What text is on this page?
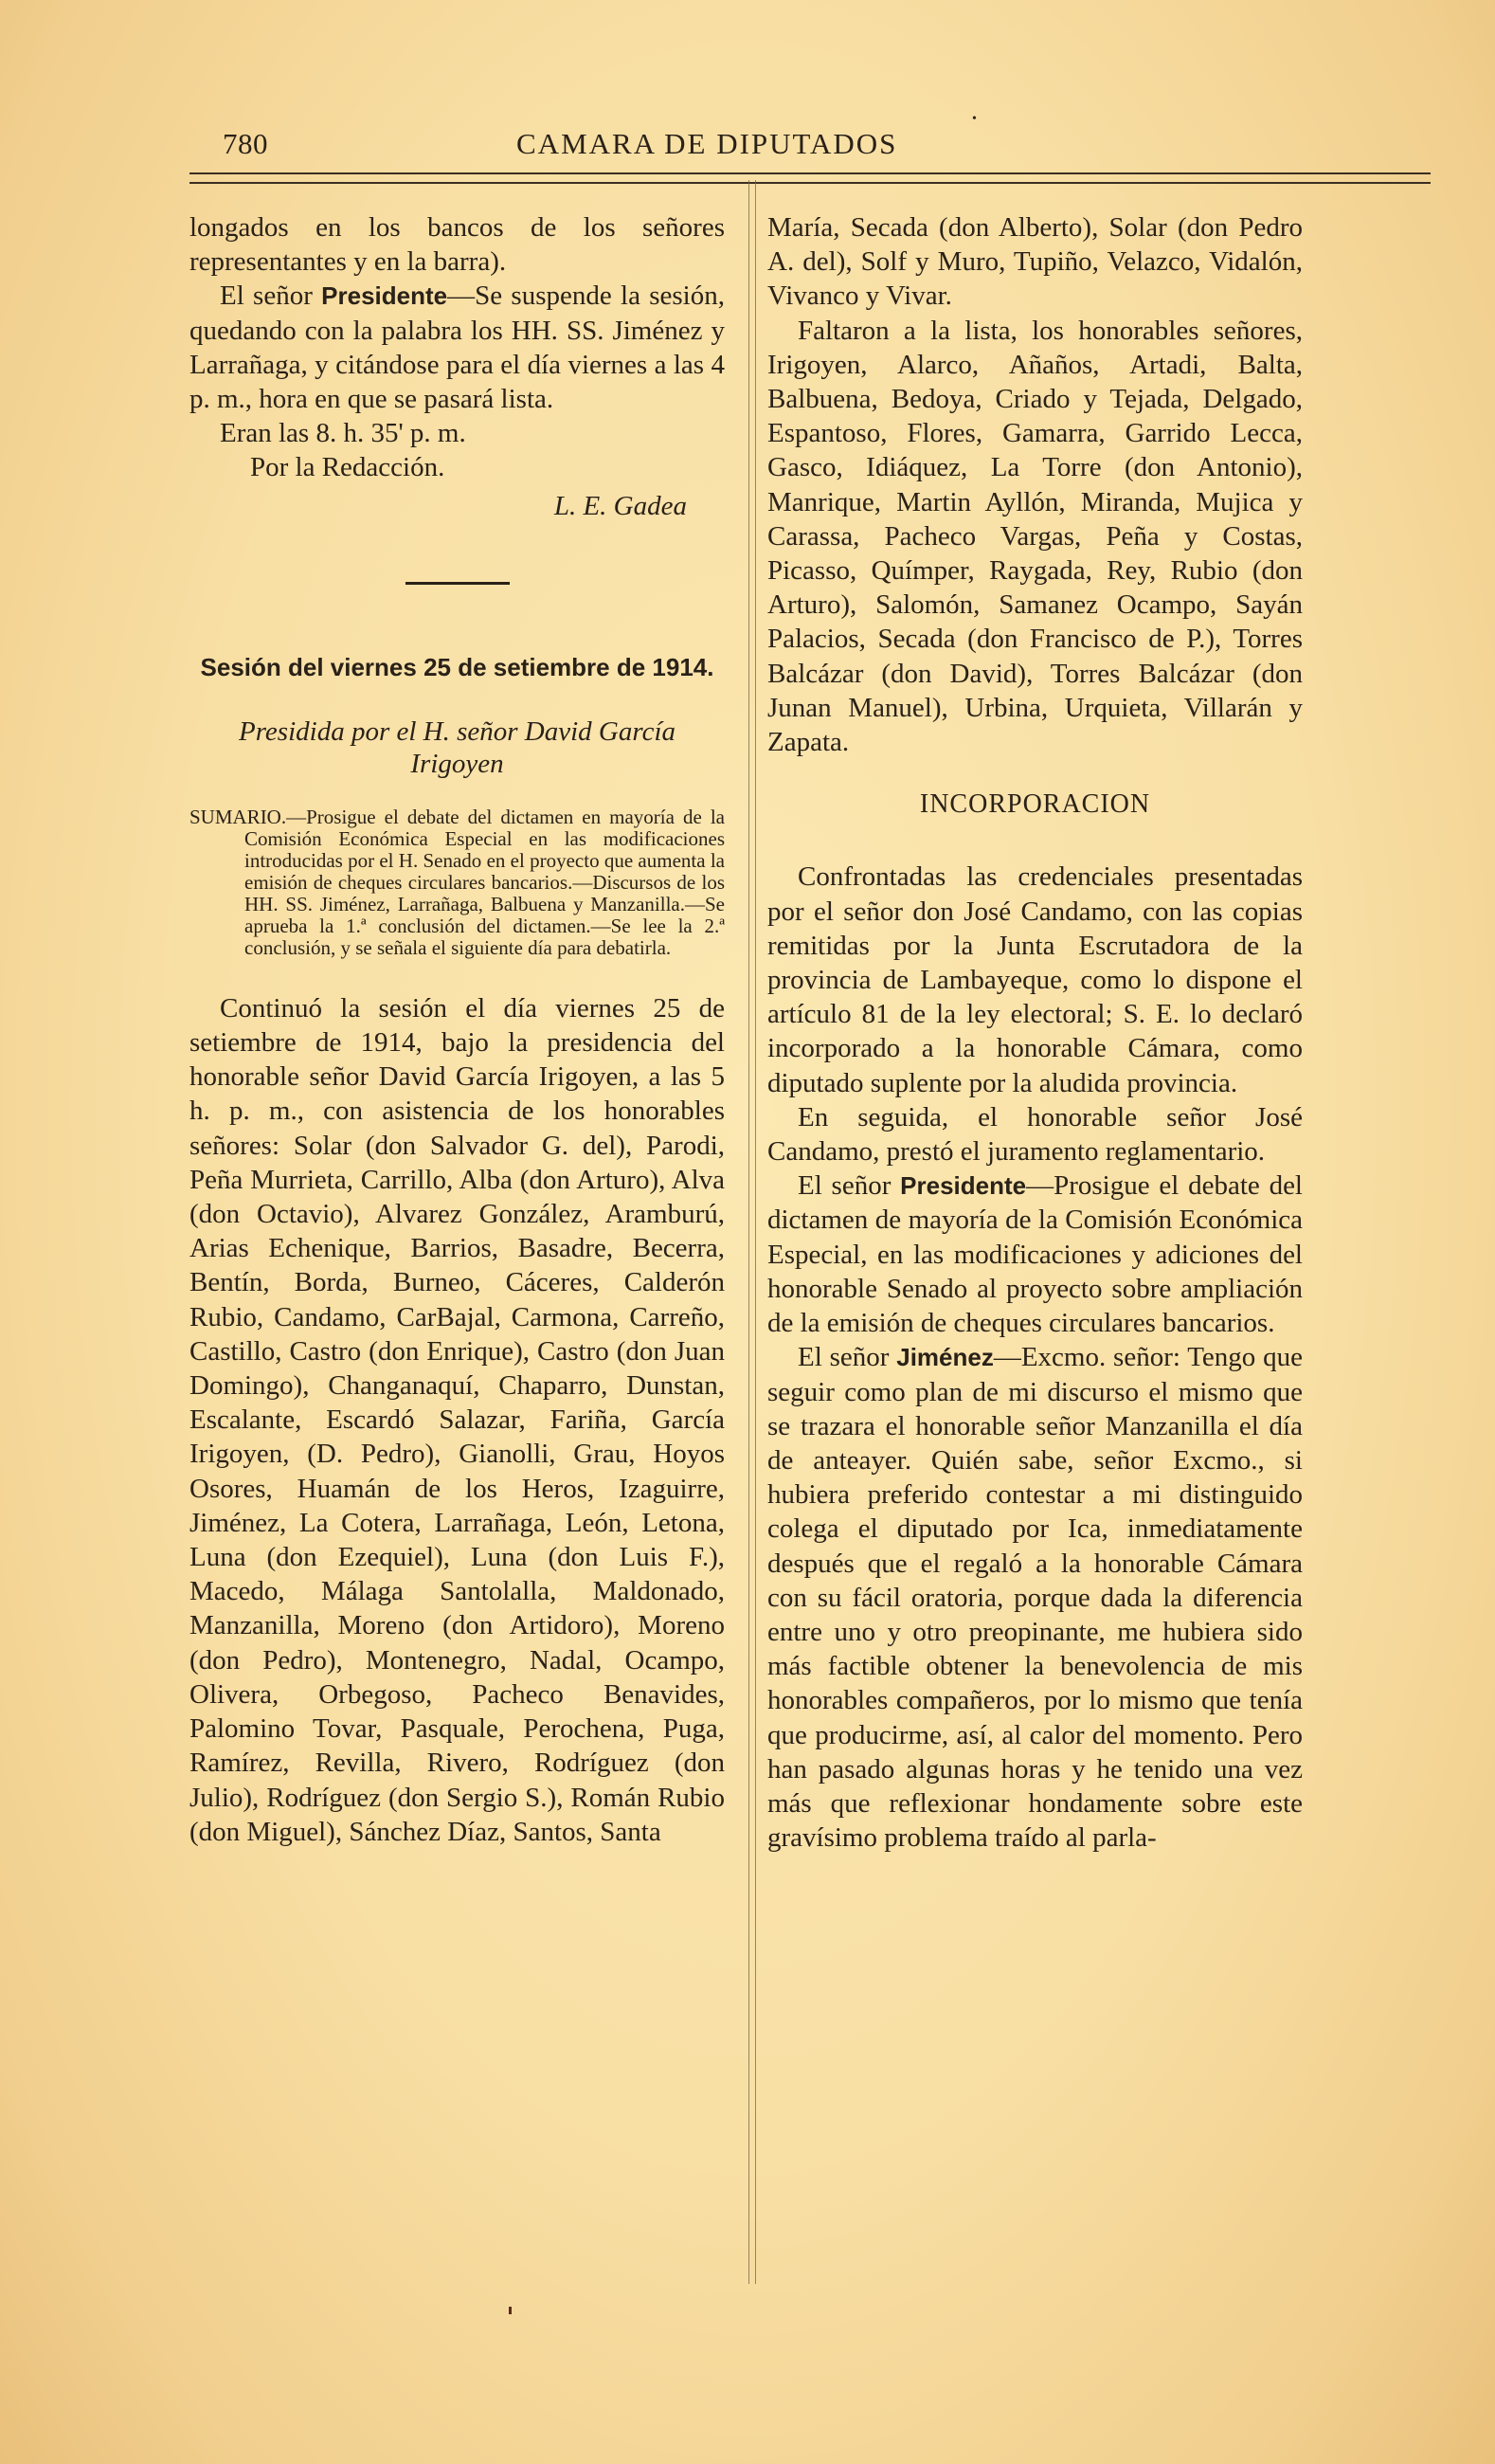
780	CAMARA DE DIPUTADOS
•

longados en los bancos de los señores representantes y en la barra).

El señor Presidente—Se suspende la sesión, quedando con la palabra los HH. SS. Jiménez y Larrañaga, y citándose para el día viernes a las 4 p. m., hora en que se pasará lista.

Eran las 8. h. 35' p. m.

Por la Redacción.

L. E. Gadea

Sesión del viernes 25 de setiembre de 1914.

Presidida por el H. señor David García Irigoyen

SUMARIO.—Prosigue el debate del dictamen en mayoría de la Comisión Económica Especial en las modificaciones introducidas por el H. Senado en el proyecto que aumenta la emisión de cheques circulares bancarios.—Discursos de los HH. SS. Jiménez, Larrañaga, Balbuena y Manzanilla.—Se aprueba la 1.ª conclusión del dictamen.—Se lee la 2.ª conclusión, y se señala el siguiente día para debatirla.

Continuó la sesión el día viernes 25 de setiembre de 1914, bajo la presidencia del honorable señor David García Irigoyen, a las 5 h. p. m., con asistencia de los honorables señores: Solar (don Salvador G. del), Parodi, Peña Murrieta, Carrillo, Alba (don Arturo), Alva (don Octavio), Alvarez González, Aramburú, Arias Echenique, Barrios, Basadre, Becerra, Bentín, Borda, Burneo, Cáceres, Calderón Rubio, Candamo, CarBajal, Carmona, Carreño, Castillo, Castro (don Enrique), Castro (don Juan Domingo), Changanaquí, Chaparro, Dunstan, Escalante, Escardó Salazar, Fariña, García Irigoyen, (D. Pedro), Gianolli, Grau, Hoyos Osores, Huamán de los Heros, Izaguirre, Jiménez, La Cotera, Larrañaga, León, Letona, Luna (don Ezequiel), Luna (don Luis F.), Macedo, Málaga Santolalla, Maldonado, Manzanilla, Moreno (don Artidoro), Moreno (don Pedro), Montenegro, Nadal, Ocampo, Olivera, Orbegoso, Pacheco Benavides, Palomino Tovar, Pasquale, Perochena, Puga, Ramírez, Revilla, Rivero, Rodríguez (don Julio), Rodríguez (don Sergio S.), Román Rubio (don Miguel), Sánchez Díaz, Santos, Santa

María, Secada (don Alberto), Solar (don Pedro A. del), Solf y Muro, Tupiño, Velazco, Vidalón, Vivanco y Vivar.

Faltaron a la lista, los honorables señores, Irigoyen, Alarco, Añaños, Artadi, Balta, Balbuena, Bedoya, Criado y Tejada, Delgado, Espantoso, Flores, Gamarra, Garrido Lecca, Gasco, Idiáquez, La Torre (don Antonio), Manrique, Martin Ayllón, Miranda, Mujica y Carassa, Pacheco Vargas, Peña y Costas, Picasso, Químper, Raygada, Rey, Rubio (don Arturo), Salomón, Samanez Ocampo, Sayán Palacios, Secada (don Francisco de P.), Torres Balcázar (don David), Torres Balcázar (don Junan Manuel), Urbina, Urquieta, Villarán y Zapata.

INCORPORACION

Confrontadas las credenciales presentadas por el señor don José Candamo, con las copias remitidas por la Junta Escrutadora de la provincia de Lambayeque, como lo dispone el artículo 81 de la ley electoral; S. E. lo declaró incorporado a la honorable Cámara, como diputado suplente por la aludida provincia.

En seguida, el honorable señor José Candamo, prestó el juramento reglamentario.

El señor Presidente—Prosigue el debate del dictamen de mayoría de la Comisión Económica Especial, en las modificaciones y adiciones del honorable Senado al proyecto sobre ampliación de la emisión de cheques circulares bancarios.

El señor Jiménez—Excmo. señor: Tengo que seguir como plan de mi discurso el mismo que se trazara el honorable señor Manzanilla el día de anteayer. Quién sabe, señor Excmo., si hubiera preferido contestar a mi distinguido colega el diputado por Ica, inmediatamente después que el regaló a la honorable Cámara con su fácil oratoria, porque dada la diferencia entre uno y otro preopinante, me hubiera sido más factible obtener la benevolencia de mis honorables compañeros, por lo mismo que tenía que producirme, así, al calor del momento. Pero han pasado algunas horas y he tenido una vez más que reflexionar hondamente sobre este gravísimo problema traído al parla-
